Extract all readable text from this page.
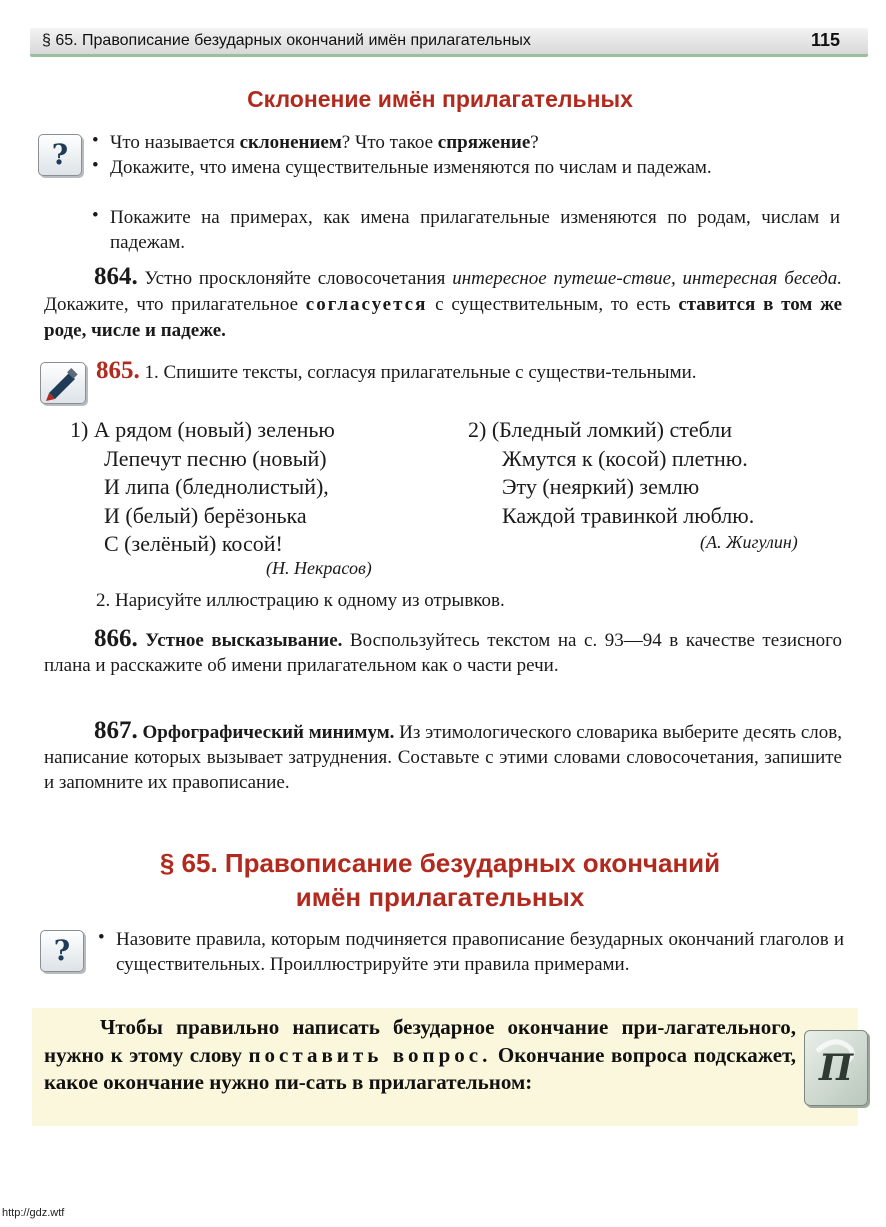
§ 65. Правописание безударных окончаний имён прилагательных	115
Склонение имён прилагательных
?	• Что называется склонением? Что такое спряжение?
• Докажите, что имена существительные изменяются по числам и падежам.
• Покажите на примерах, как имена прилагательные изменяются по родам, числам и падежам.
864. Устно просклоняйте словосочетания интересное путеше-ствие, интересная беседа. Докажите, что прилагательное согласуется с существительным, то есть ставится в том же роде, числе и падеже.
865. 1. Спишите тексты, согласуя прилагательные с существи-тельными.
1) А рядом (новый) зеленью
Лепечут песню (новый)
И липа (бледнолистый),
И (белый) берёзонька
С (зелёный) косой!
(Н. Некрасов)
2) (Бледный ломкий) стебли
Жмутся к (косой) плетню.
Эту (неяркий) землю
Каждой травинкой люблю.
(А. Жигулин)
2. Нарисуйте иллюстрацию к одному из отрывков.
866. Устное высказывание. Воспользуйтесь текстом на с. 93—94 в качестве тезисного плана и расскажите об имени прилагательном как о части речи.
867. Орфографический минимум. Из этимологического словарика выберите десять слов, написание которых вызывает затруднения. Составьте с этими словами словосочетания, запишите и запомните их правописание.
§ 65. Правописание безударных окончаний
имён прилагательных
?	• Назовите правила, которым подчиняется правописание безударных окончаний глаголов и существительных. Проиллюстрируйте эти правила примерами.
Чтобы правильно написать безударное окончание при-лагательного, нужно к этому слову поставить вопрос. Окончание вопроса подскажет, какое окончание нужно пи-сать в прилагательном:	П
http://gdz.wtf
